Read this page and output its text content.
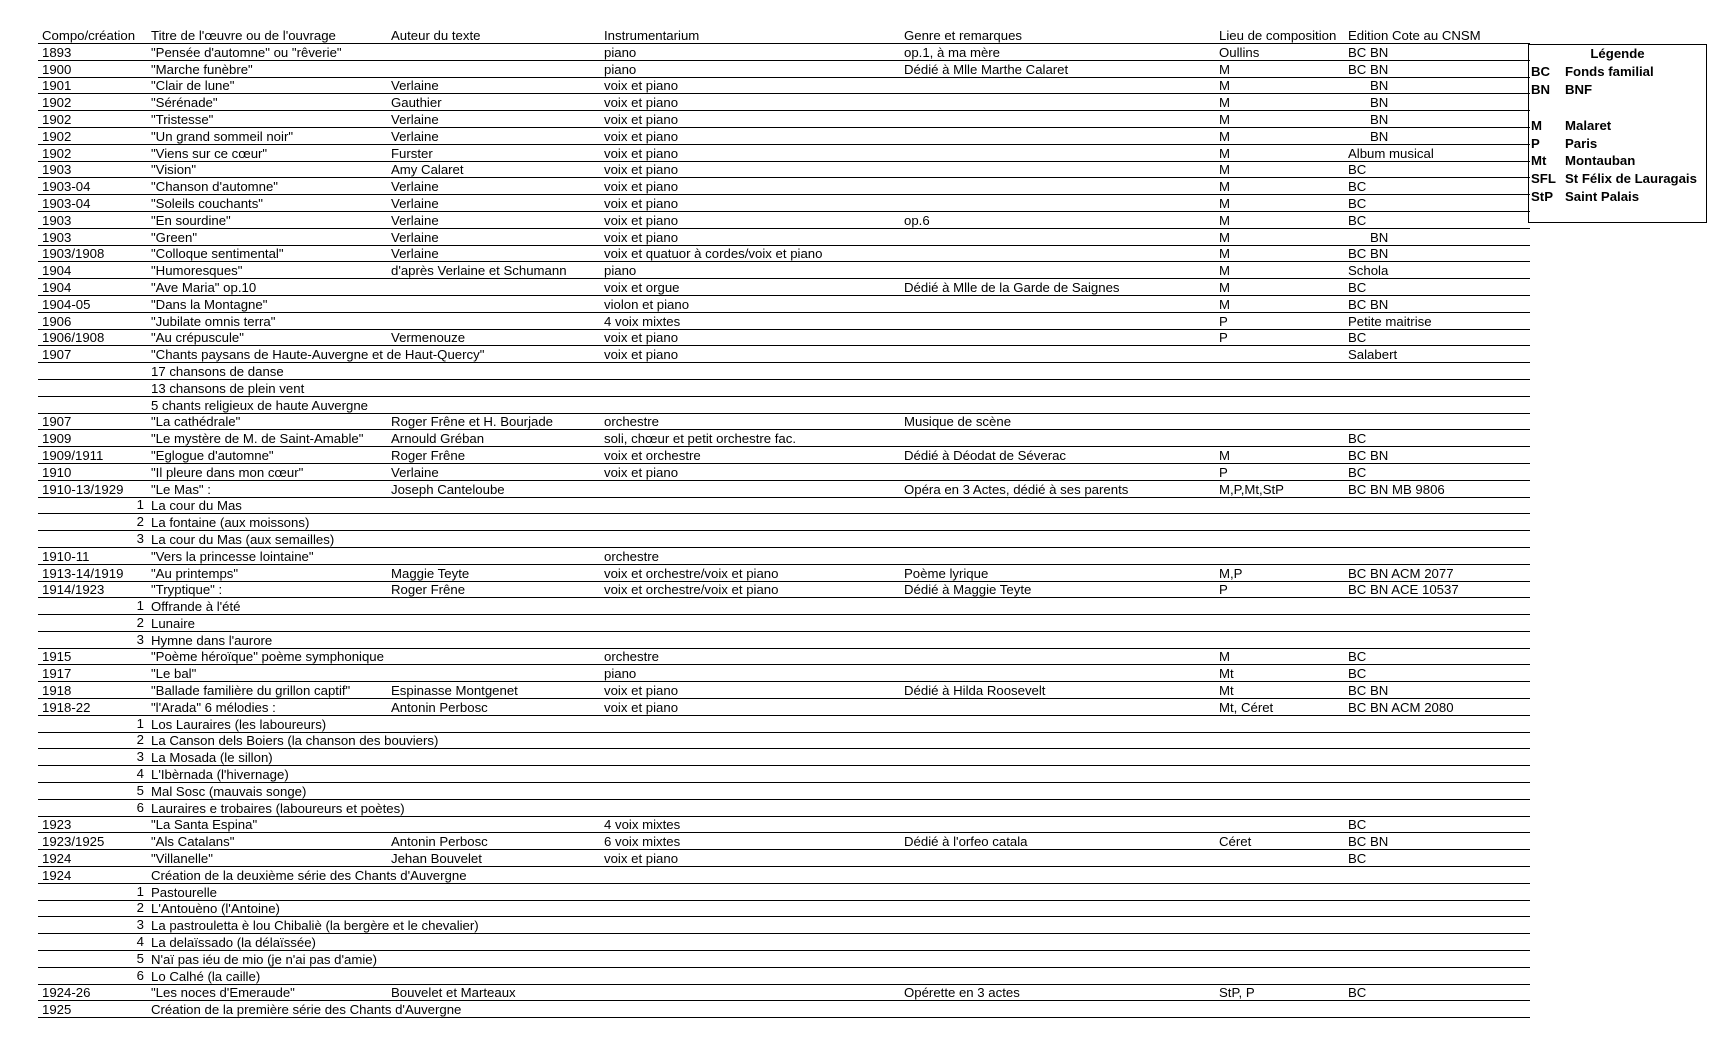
Compo/création	Titre de l'œuvre ou de l'ouvrage	Auteur du texte	Instrumentarium	Genre et remarques	Lieu de composition	Edition Cote au CNSM
1893	"Pensée d'automne" ou "rêverie"		piano	op.1, à ma mère	Oullins	BC BN
1900	"Marche funèbre"		piano	Dédié à Mlle Marthe Calaret	M	BC BN
1901	"Clair de lune"	Verlaine	voix et piano		M	BN
1902	"Sérénade"	Gauthier	voix et piano		M	BN
1902	"Tristesse"	Verlaine	voix et piano		M	BN
1902	"Un grand sommeil noir"	Verlaine	voix et piano		M	BN
1902	"Viens sur ce cœur"	Furster	voix et piano		M	Album musical
1903	"Vision"	Amy Calaret	voix et piano		M	BC
1903-04	"Chanson d'automne"	Verlaine	voix et piano		M	BC
1903-04	"Soleils couchants"	Verlaine	voix et piano		M	BC
1903	"En sourdine"	Verlaine	voix et piano	op.6	M	BC
1903	"Green"	Verlaine	voix et piano		M	BN
1903/1908	"Colloque sentimental"	Verlaine	voix et quatuor à cordes/voix et piano		M	BC BN
1904	"Humoresques"	d'après Verlaine et Schumann	piano		M	Schola
1904	"Ave Maria" op.10		voix et orgue	Dédié à Mlle de la Garde de Saignes	M	BC
1904-05	"Dans la Montagne"		violon et piano		M	BC BN
1906	"Jubilate omnis terra"		4 voix mixtes		P	Petite maitrise
1906/1908	"Au crépuscule"	Vermenouze	voix et piano		P	BC
1907	"Chants paysans de Haute-Auvergne et de Haut-Quercy"		voix et piano			Salabert
	17 chansons de danse					
	13 chansons de plein vent					
	5 chants religieux de haute Auvergne					
1907	"La cathédrale"	Roger Frêne et H. Bourjade	orchestre	Musique de scène		
1909	"Le mystère de M. de Saint-Amable"	Arnould Gréban	soli, chœur et petit orchestre fac.			BC
1909/1911	"Eglogue d'automne"	Roger Frêne	voix et orchestre	Dédié à Déodat de Séverac	M	BC BN
1910	"Il pleure dans mon cœur"	Verlaine	voix et piano		P	BC
1910-13/1929	"Le Mas" :	Joseph Canteloube		Opéra en 3 Actes, dédié à ses parents	M,P,Mt,StP	BC BN MB 9806

1	La cour du Mas					

2	La fontaine (aux moissons)					

3	La cour du Mas (aux semailles)					
1910-11	"Vers la princesse lointaine"		orchestre			
1913-14/1919	"Au printemps"	Maggie Teyte	voix et orchestre/voix et piano	Poème lyrique	M,P	BC BN ACM 2077
1914/1923	"Tryptique" :	Roger Frêne	voix et orchestre/voix et piano	Dédié à Maggie Teyte	P	BC BN ACE 10537

1	Offrande à l'été					

2	Lunaire					

3	Hymne dans l'aurore					
1915	"Poème héroïque" poème symphonique		orchestre		M	BC
1917	"Le bal"		piano		Mt	BC
1918	"Ballade familière du grillon captif"	Espinasse Montgenet	voix et piano	Dédié à Hilda Roosevelt	Mt	BC BN
1918-22	"l'Arada" 6 mélodies :	Antonin Perbosc	voix et piano		Mt, Céret	BC BN ACM 2080

1	Los Lauraires (les laboureurs)					

2	La Canson dels Boiers (la chanson des bouviers)					

3	La Mosada (le sillon)					

4	L'Ibèrnada (l'hivernage)					

5	Mal Sosc (mauvais songe)					

6	Lauraires e trobaires (laboureurs et poètes)					
1923	"La Santa Espina"		4 voix mixtes			BC
1923/1925	"Als Catalans"	Antonin Perbosc	6 voix mixtes	Dédié à l'orfeo catala	Céret	BC BN
1924	"Villanelle"	Jehan Bouvelet	voix et piano			BC
1924	Création de la deuxième série des Chants d'Auvergne					

1	Pastourelle					

2	L'Antouèno (l'Antoine)					

3	La pastrouletta è lou Chibaliè (la bergère et le chevalier)					

4	La delaïssado (la délaïssée)					

5	N'aï pas iéu de mio (je n'ai pas d'amie)					

6	Lo Calhé (la caille)					
1924-26	"Les noces d'Emeraude"	Bouvelet et Marteaux		Opérette en 3 actes	StP, P	BC
1925	Création de la première série des Chants d'Auvergne					
Légende
BC	Fonds familial
BN	BNF
M	Malaret
P	Paris
Mt	Montauban
SFL St Félix de Lauragais
StP Saint Palais
